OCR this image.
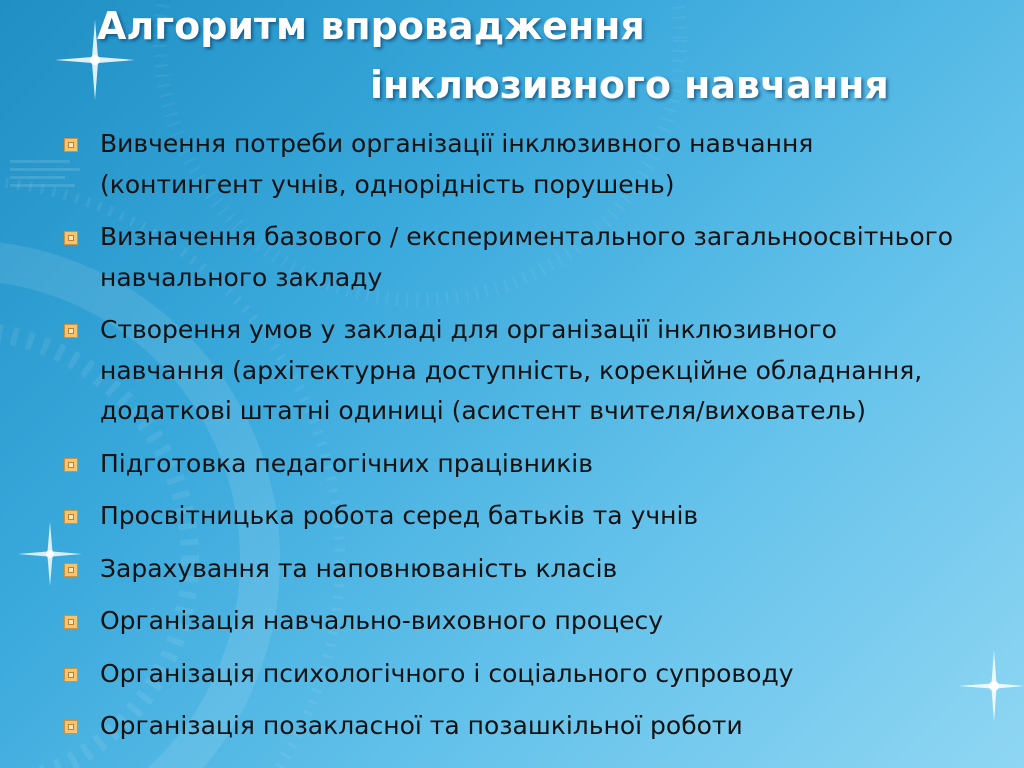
Алгоритм впровадження
інклюзивного навчання
Вивчення потреби організації інклюзивного навчання (контингент учнів, однорідність порушень)
Визначення базового / експериментального загальноосвітнього навчального закладу
Створення умов у закладі для організації інклюзивного навчання (архітектурна доступність, корекційне обладнання, додаткові штатні одиниці (асистент вчителя/вихователь)
Підготовка педагогічних працівників
Просвітницька робота серед батьків та учнів
Зарахування та наповнюваність класів
Організація навчально-виховного процесу
Організація психологічного і соціального супроводу
Організація позакласної та позашкільної роботи
